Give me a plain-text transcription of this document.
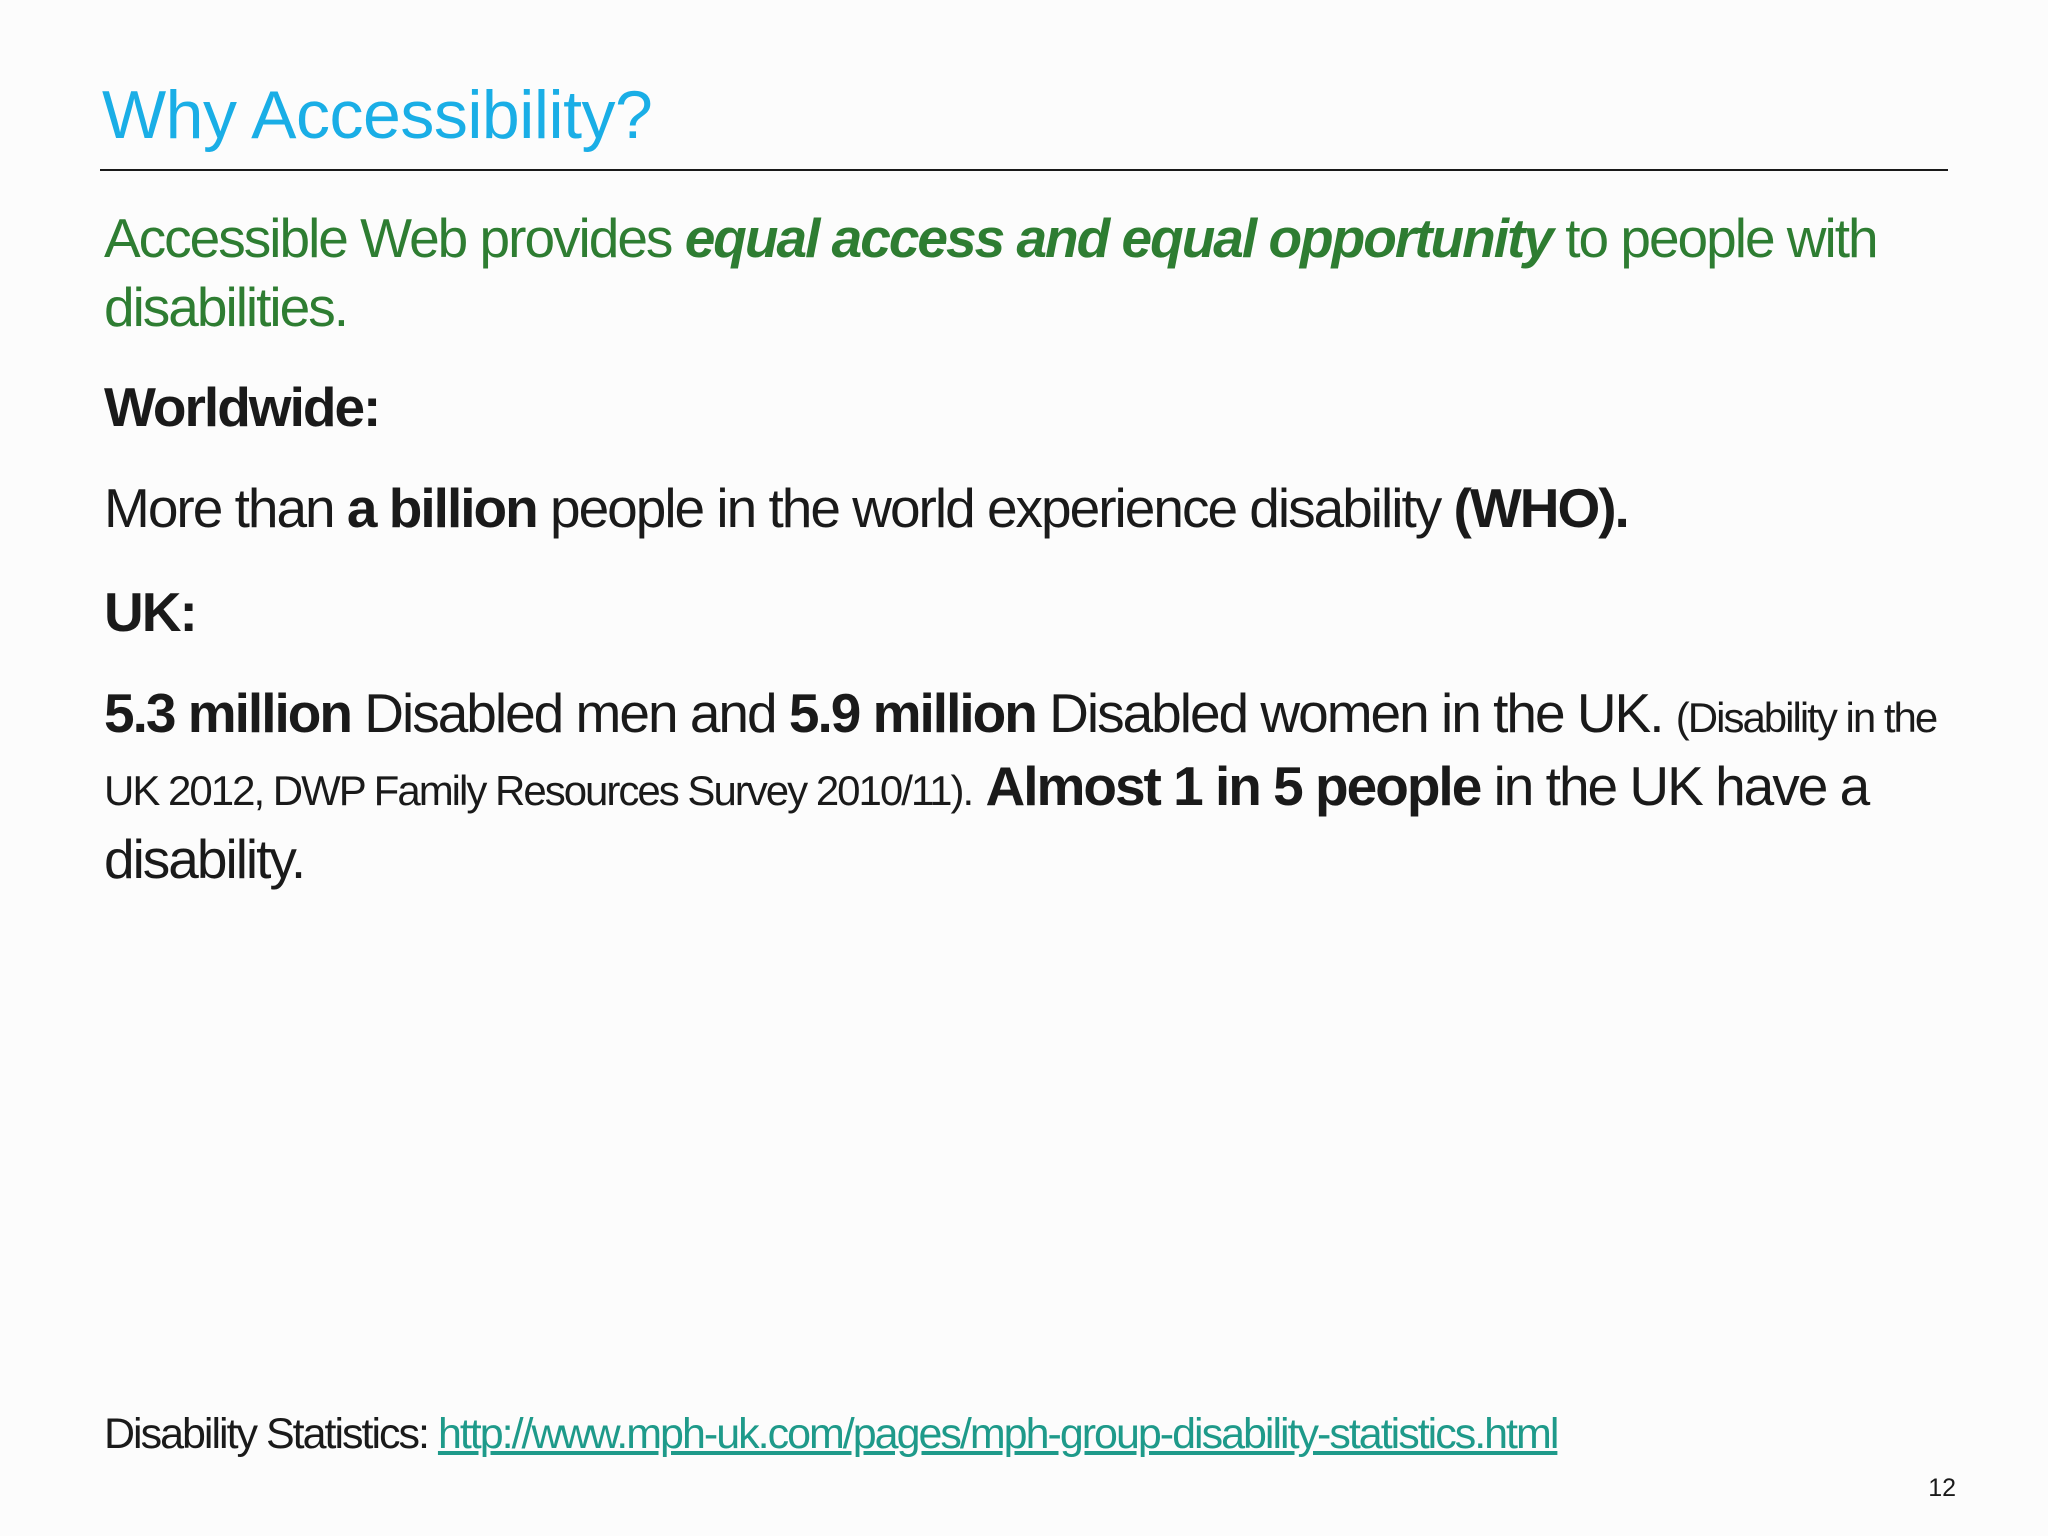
Why Accessibility?
Accessible Web provides equal access and equal opportunity to people with disabilities.
Worldwide:
More than a billion people in the world experience disability (WHO).
UK:
5.3 million Disabled men and 5.9 million Disabled women in the UK. (Disability in the UK 2012, DWP Family Resources Survey 2010/11). Almost 1 in 5 people in the UK have a disability.
Disability Statistics: http://www.mph-uk.com/pages/mph-group-disability-statistics.html
12
